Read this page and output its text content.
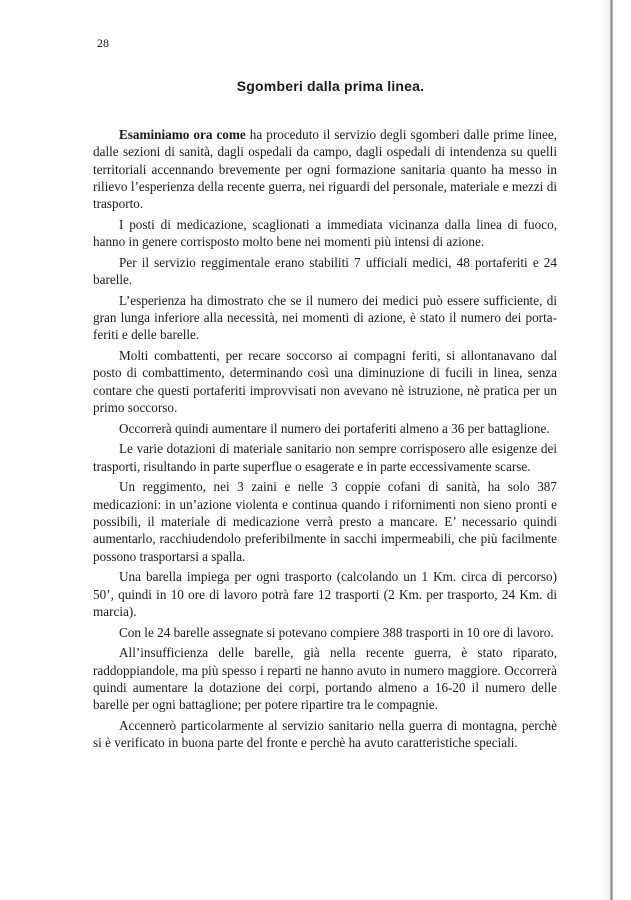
28
Sgomberi dalla prima linea.

Esaminiamo ora come ha proceduto il servizio degli sgomberi dalle prime linee, dalle sezioni di sanità, dagli ospedali da campo, dagli ospedali di intendenza su quelli territoriali accennando brevemente per ogni formazione sanitaria quanto ha messo in rilievo l’esperienza della recente guerra, nei riguardi del personale, materiale e mezzi di trasporto.

I posti di medicazione, scaglionati a immediata vicinanza dalla linea di fuoco, hanno in genere corrisposto molto bene nei momenti più intensi di azione.

Per il servizio reggimentale erano stabiliti 7 ufficiali medici, 48 portaferiti e 24 barelle.

L’esperienza ha dimostrato che se il numero dei medici può essere sufficiente, di gran lunga inferiore alla necessità, nei momenti di azione, è stato il numero dei porta-feriti e delle barelle.

Molti combattenti, per recare soccorso ai compagni feriti, si allontanavano dal posto di combattimento, determinando così una diminuzione di fucili in linea, senza contare che questi portaferiti improvvisati non avevano nè istruzione, nè pratica per un primo soccorso.

Occorrerà quindi aumentare il numero dei portaferiti almeno a 36 per battaglione.

Le varie dotazioni di materiale sanitario non sempre corrisposero alle esigenze dei trasporti, risultando in parte superflue o esagerate e in parte eccessivamente scarse.

Un reggimento, nei 3 zaini e nelle 3 coppie cofani di sanità, ha solo 387 medicazioni: in un’azione violenta e continua quando i rifornimenti non sieno pronti e possibili, il materiale di medicazione verrà presto a mancare. E’ necessario quindi aumentarlo, racchiudendolo preferibilmente in sacchi impermeabili, che più facilmente possono trasportarsi a spalla.

Una barella impiega per ogni trasporto (calcolando un 1 Km. circa di percorso) 50’, quindi in 10 ore di lavoro potrà fare 12 trasporti (2 Km. per trasporto, 24 Km. di marcia).

Con le 24 barelle assegnate si potevano compiere 388 trasporti in 10 ore di lavoro.

All’insufficienza delle barelle, già nella recente guerra, è stato riparato, raddoppiandole, ma più spesso i reparti ne hanno avuto in numero maggiore. Occorrerà quindi aumentare la dotazione dei corpi, portando almeno a 16-20 il numero delle barelle per ogni battaglione; per potere ripartire tra le compagnie.

Accennerò particolarmente al servizio sanitario nella guerra di montagna, perchè si è verificato in buona parte del fronte e perchè ha avuto caratteristiche speciali.
